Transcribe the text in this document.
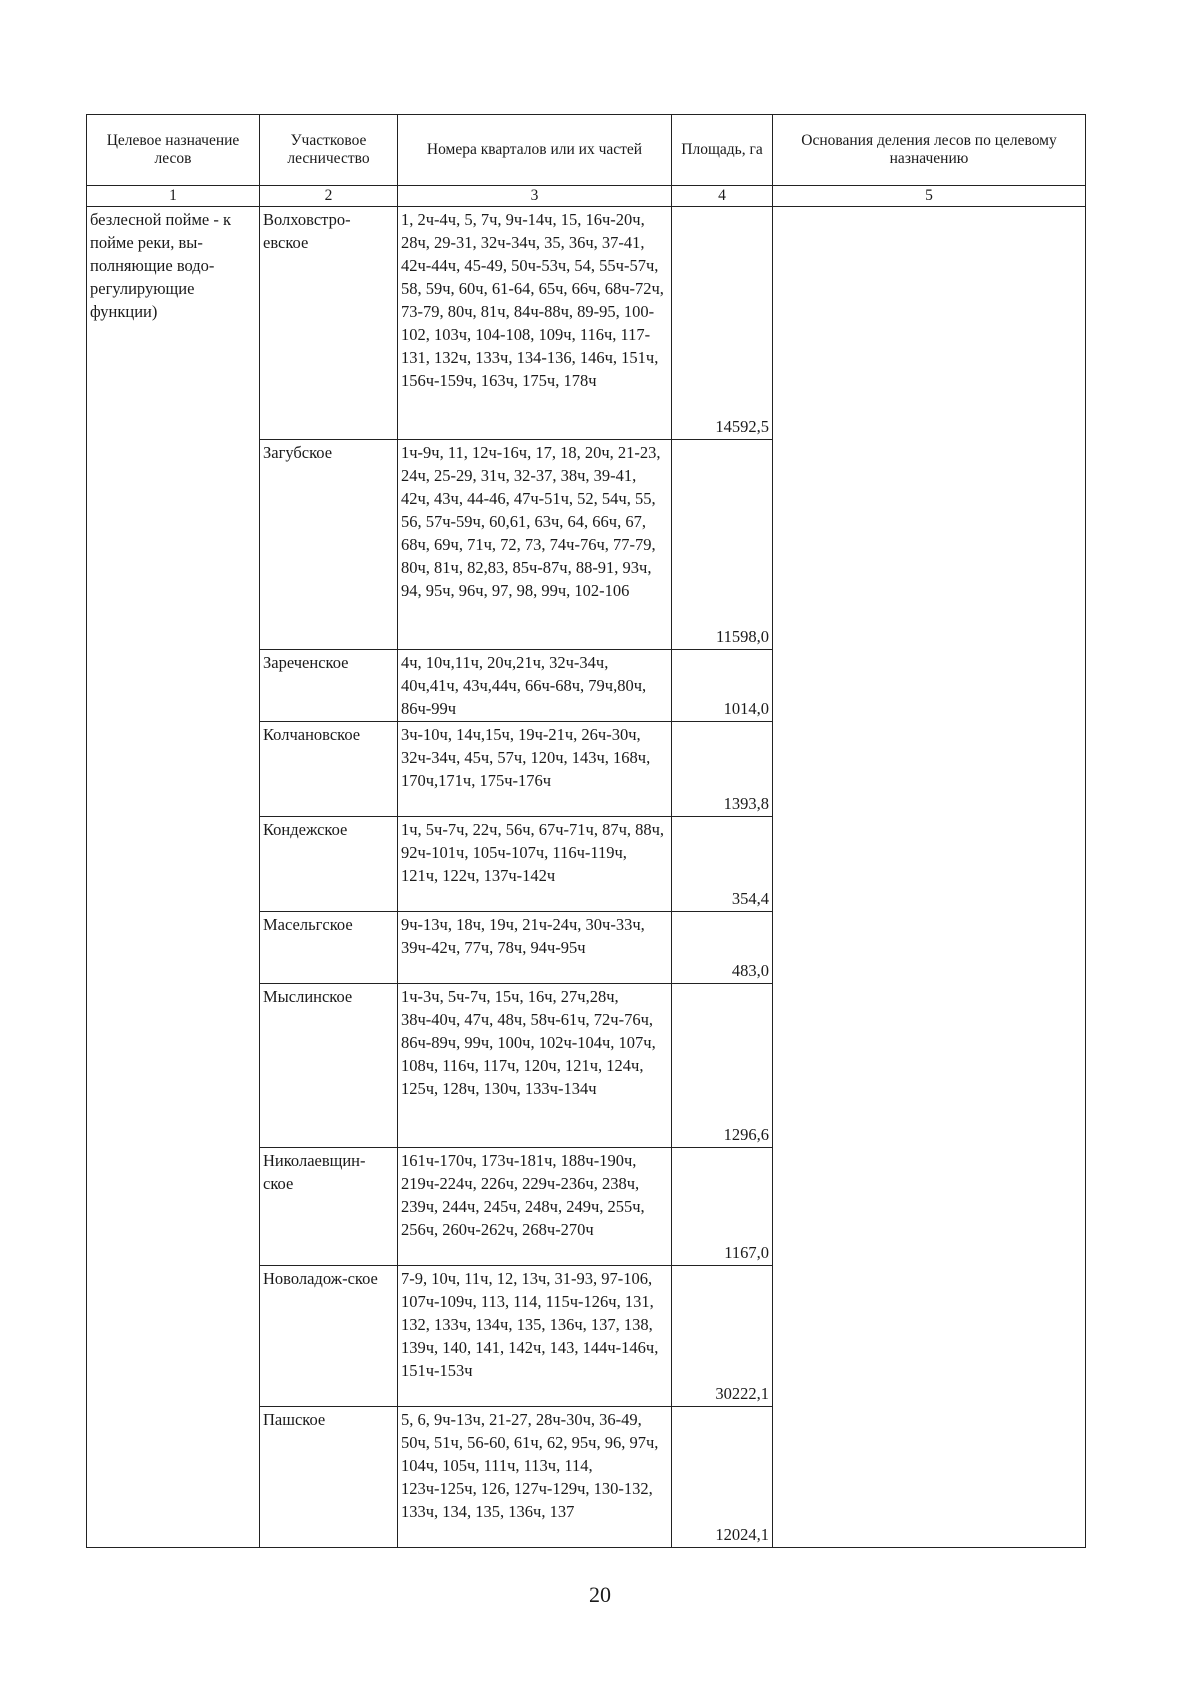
Целевое назначение лесов	Участковое лесничество	Номера кварталов или их частей	Площадь, га	Основания деления лесов по целевому назначению
1	2	3	4	5
безлесной пойме - к пойме реки, вы-полняющие водо-регулирующие функции)	Волховстро-евское	1, 2ч-4ч, 5, 7ч, 9ч-14ч, 15, 16ч-20ч, 28ч, 29-31, 32ч-34ч, 35, 36ч, 37-41, 42ч-44ч, 45-49, 50ч-53ч, 54, 55ч-57ч, 58, 59ч, 60ч, 61-64, 65ч, 66ч, 68ч-72ч, 73-79, 80ч, 81ч, 84ч-88ч, 89-95, 100-102, 103ч, 104-108, 109ч, 116ч, 117-131, 132ч, 133ч, 134-136, 146ч, 151ч, 156ч-159ч, 163ч, 175ч, 178ч	14592,5	
	Загубское	1ч-9ч, 11, 12ч-16ч, 17, 18, 20ч, 21-23, 24ч, 25-29, 31ч, 32-37, 38ч, 39-41, 42ч, 43ч, 44-46, 47ч-51ч, 52, 54ч, 55, 56, 57ч-59ч, 60,61, 63ч, 64, 66ч, 67, 68ч, 69ч, 71ч, 72, 73, 74ч-76ч, 77-79, 80ч, 81ч, 82,83, 85ч-87ч, 88-91, 93ч, 94, 95ч, 96ч, 97, 98, 99ч, 102-106	11598,0	
	Зареченское	4ч, 10ч,11ч, 20ч,21ч, 32ч-34ч, 40ч,41ч, 43ч,44ч, 66ч-68ч, 79ч,80ч, 86ч-99ч	1014,0	
	Колчановское	3ч-10ч, 14ч,15ч, 19ч-21ч, 26ч-30ч, 32ч-34ч, 45ч, 57ч, 120ч, 143ч, 168ч, 170ч,171ч, 175ч-176ч	1393,8	
	Кондежское	1ч, 5ч-7ч, 22ч, 56ч, 67ч-71ч, 87ч, 88ч, 92ч-101ч, 105ч-107ч, 116ч-119ч, 121ч, 122ч, 137ч-142ч	354,4	
	Масельгское	9ч-13ч, 18ч, 19ч, 21ч-24ч, 30ч-33ч, 39ч-42ч, 77ч, 78ч, 94ч-95ч	483,0	
	Мыслинское	1ч-3ч, 5ч-7ч, 15ч, 16ч, 27ч,28ч, 38ч-40ч, 47ч, 48ч, 58ч-61ч, 72ч-76ч, 86ч-89ч, 99ч, 100ч, 102ч-104ч, 107ч, 108ч, 116ч, 117ч, 120ч, 121ч, 124ч, 125ч, 128ч, 130ч, 133ч-134ч	1296,6	
	Николаевщин-ское	161ч-170ч, 173ч-181ч, 188ч-190ч, 219ч-224ч, 226ч, 229ч-236ч, 238ч, 239ч, 244ч, 245ч, 248ч, 249ч, 255ч, 256ч, 260ч-262ч, 268ч-270ч	1167,0	
	Новоладож-ское	7-9, 10ч, 11ч, 12, 13ч, 31-93, 97-106, 107ч-109ч, 113, 114, 115ч-126ч, 131, 132, 133ч, 134ч, 135, 136ч, 137, 138, 139ч, 140, 141, 142ч, 143, 144ч-146ч, 151ч-153ч	30222,1	
	Пашское	5, 6, 9ч-13ч, 21-27, 28ч-30ч, 36-49, 50ч, 51ч, 56-60, 61ч, 62, 95ч, 96, 97ч, 104ч, 105ч, 111ч, 113ч, 114, 123ч-125ч, 126, 127ч-129ч, 130-132, 133ч, 134, 135, 136ч, 137	12024,1	
20
